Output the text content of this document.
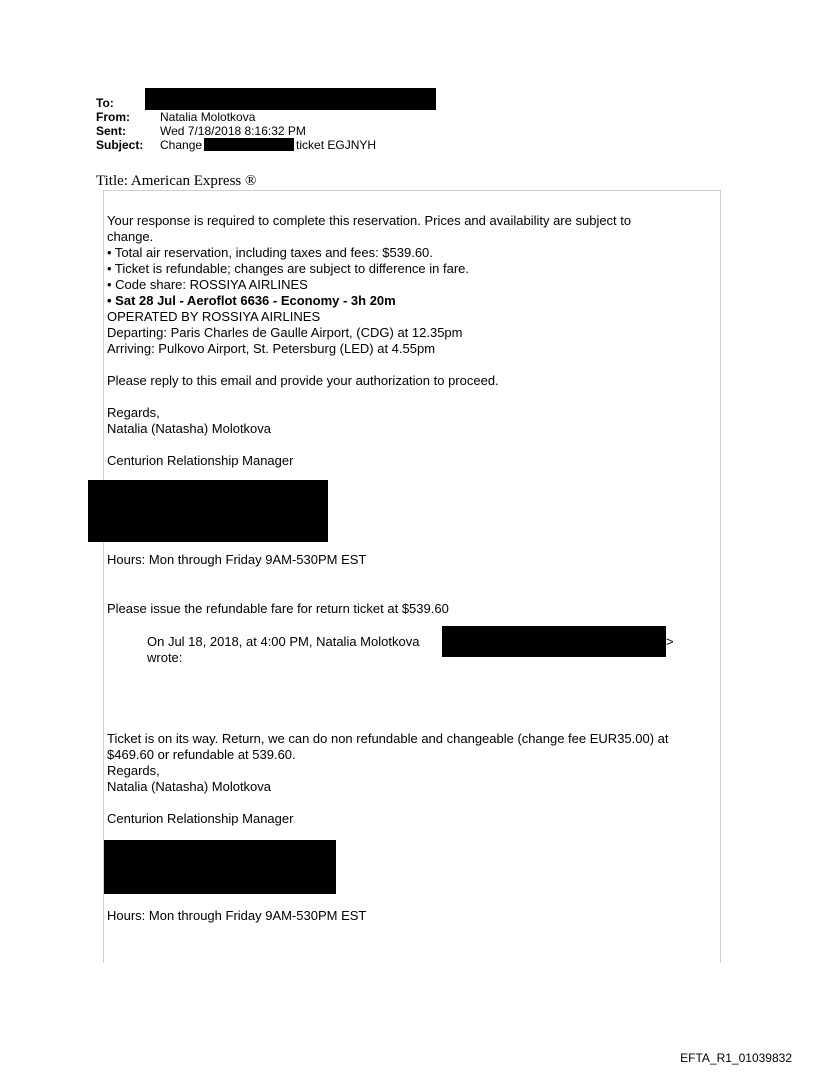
To:
From:	Natalia Molotkova
Sent:	Wed 7/18/2018 8:16:32 PM
Subject:	Change	ticket EGJNYH
Title: American Express ®
Your response is required to complete this reservation. Prices and availability are subject to
change.
• Total air reservation, including taxes and fees: $539.60.
• Ticket is refundable; changes are subject to difference in fare.
• Code share: ROSSIYA AIRLINES
• Sat 28 Jul - Aeroflot 6636 - Economy - 3h 20m
OPERATED BY ROSSIYA AIRLINES
Departing: Paris Charles de Gaulle Airport, (CDG) at 12.35pm
Arriving: Pulkovo Airport, St. Petersburg (LED) at 4.55pm
Please reply to this email and provide your authorization to proceed.
Regards,
Natalia (Natasha) Molotkova
Centurion Relationship Manager
Hours: Mon through Friday 9AM-530PM EST
Please issue the refundable fare for return ticket at $539.60
On Jul 18, 2018, at 4:00 PM, Natalia Molotkova
wrote:
>
Ticket is on its way. Return, we can do non refundable and changeable (change fee EUR35.00) at
$469.60 or refundable at 539.60.
Regards,
Natalia (Natasha) Molotkova
Centurion Relationship Manager
Hours: Mon through Friday 9AM-530PM EST
EFTA_R1_01039832
